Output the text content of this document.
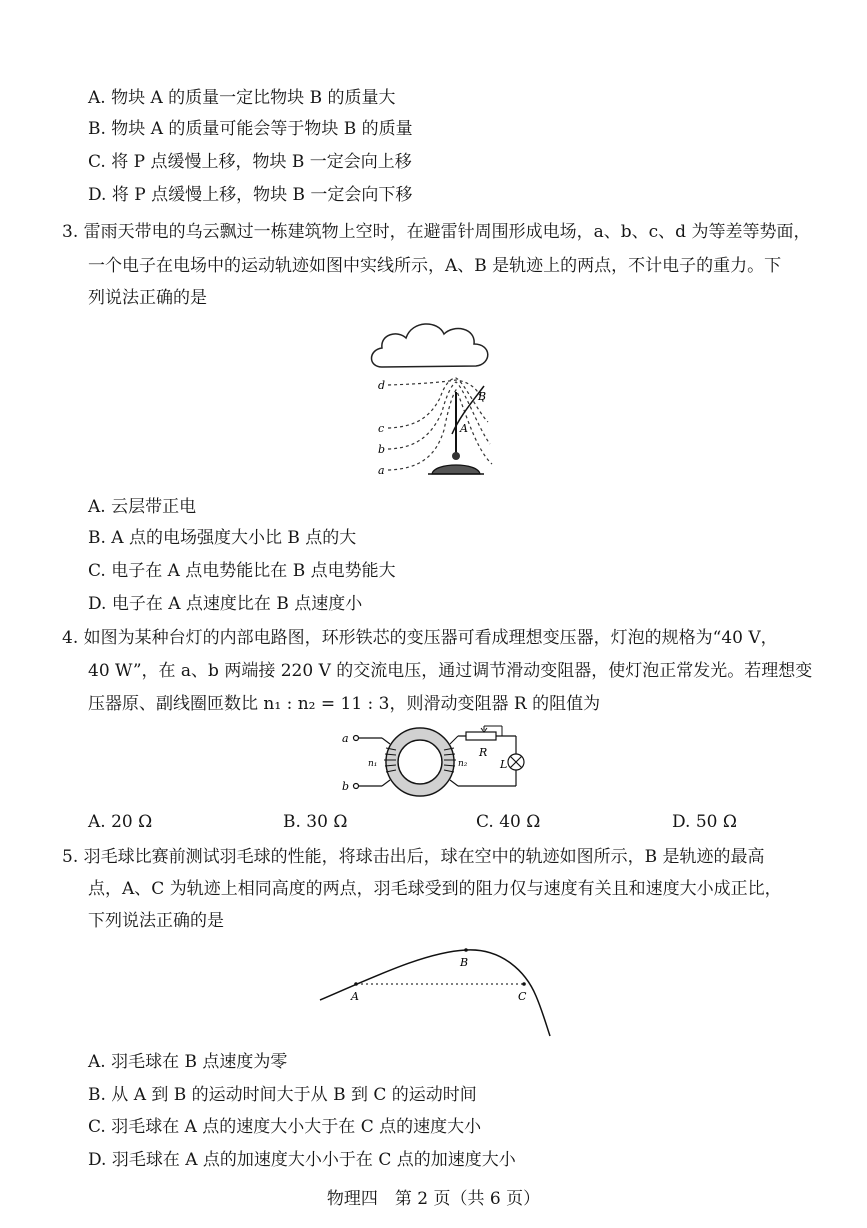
A. 物块 A 的质量一定比物块 B 的质量大
B. 物块 A 的质量可能会等于物块 B 的质量
C. 将 P 点缓慢上移，物块 B 一定会向上移
D. 将 P 点缓慢上移，物块 B 一定会向下移
3. 雷雨天带电的乌云飘过一栋建筑物上空时，在避雷针周围形成电场，a、b、c、d 为等差等势面，
一个电子在电场中的运动轨迹如图中实线所示，A、B 是轨迹上的两点，不计电子的重力。下
列说法正确的是
d
c
b
a
B
A
A. 云层带正电
B. A 点的电场强度大小比 B 点的大
C. 电子在 A 点电势能比在 B 点电势能大
D. 电子在 A 点速度比在 B 点速度小
4. 如图为某种台灯的内部电路图，环形铁芯的变压器可看成理想变压器，灯泡的规格为“40 V，
40 W”，在 a、b 两端接 220 V 的交流电压，通过调节滑动变阻器，使灯泡正常发光。若理想变
压器原、副线圈匝数比 n₁ : n₂ = 11 : 3，则滑动变阻器 R 的阻值为
a
b
n₁	n₂
R
L
A. 20 Ω	B. 30 Ω	C. 40 Ω	D. 50 Ω
5. 羽毛球比赛前测试羽毛球的性能，将球击出后，球在空中的轨迹如图所示，B 是轨迹的最高
点，A、C 为轨迹上相同高度的两点，羽毛球受到的阻力仅与速度有关且和速度大小成正比，
下列说法正确的是
A
B
C
A. 羽毛球在 B 点速度为零
B. 从 A 到 B 的运动时间大于从 B 到 C 的运动时间
C. 羽毛球在 A 点的速度大小大于在 C 点的速度大小
D. 羽毛球在 A 点的加速度大小小于在 C 点的加速度大小
物理四　第 2 页（共 6 页）
